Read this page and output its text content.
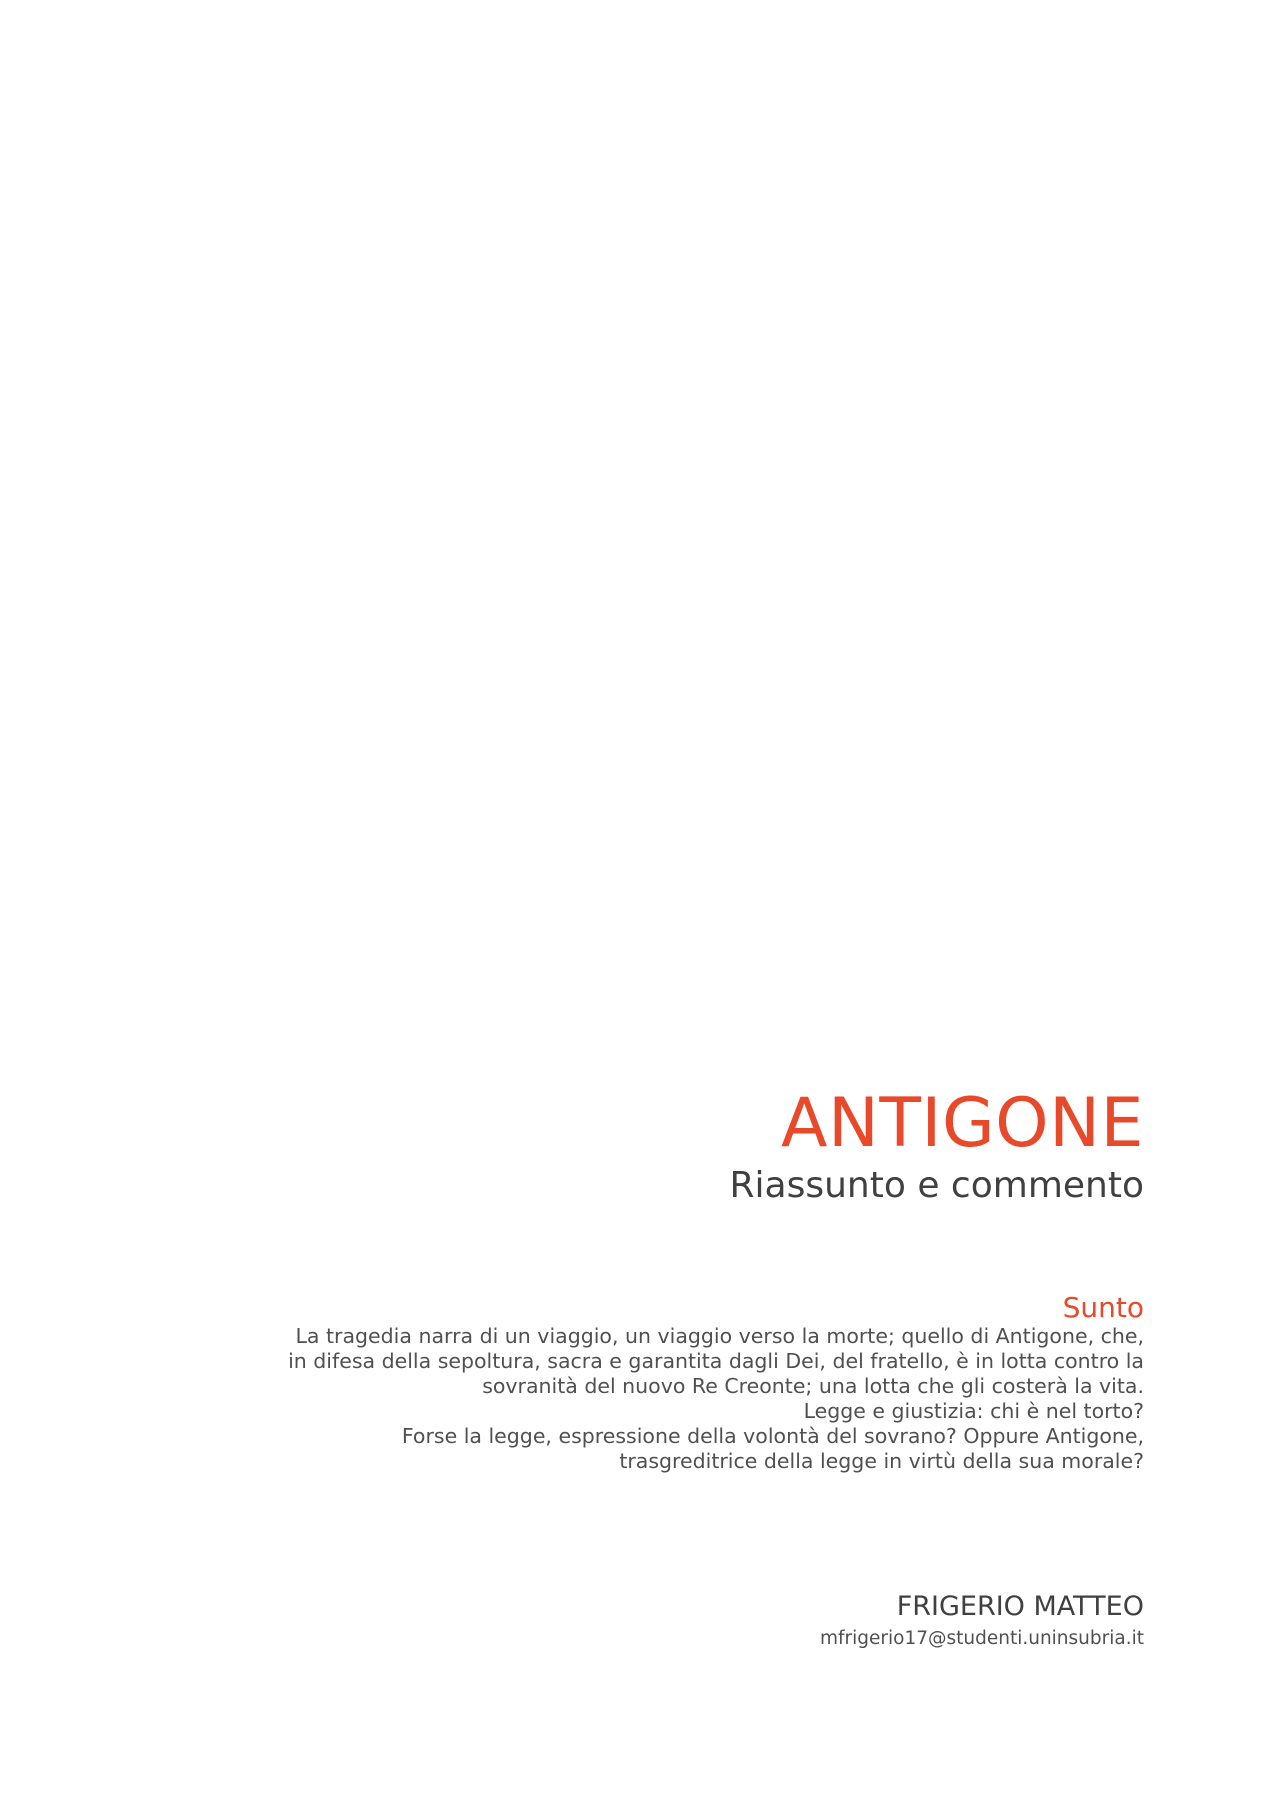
ANTIGONE
Riassunto e commento
Sunto

La tragedia narra di un viaggio, un viaggio verso la morte; quello di Antigone, che, in difesa della sepoltura, sacra e garantita dagli Dei, del fratello, è in lotta contro la sovranità del nuovo Re Creonte; una lotta che gli costerà la vita.

Legge e giustizia: chi è nel torto?

Forse la legge, espressione della volontà del sovrano? Oppure Antigone, trasgreditrice della legge in virtù della sua morale?

FRIGERIO MATTEO
mfrigerio17@studenti.uninsubria.it
